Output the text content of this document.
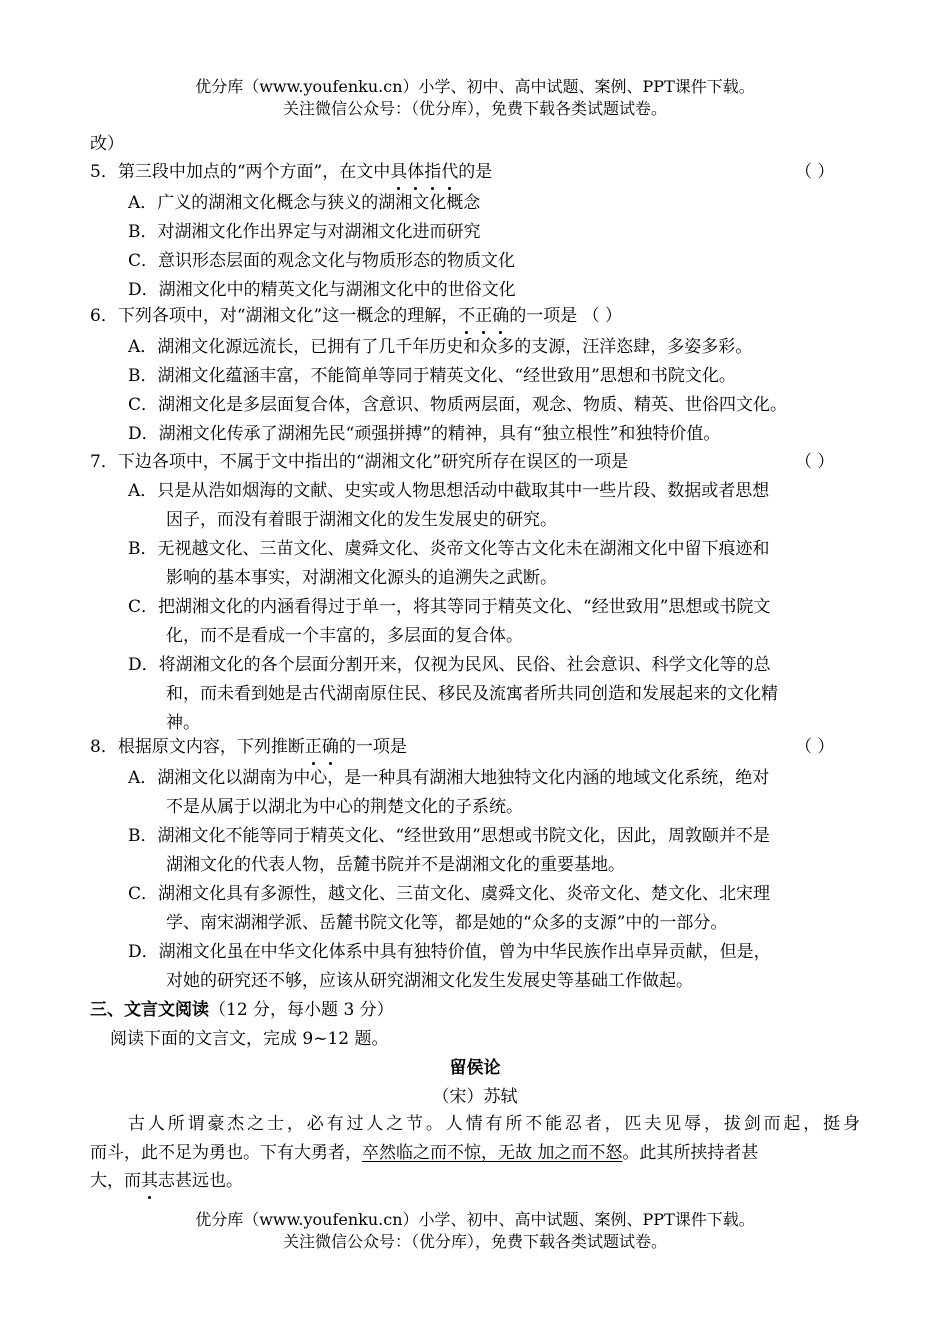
优分库（www.youfenku.cn）小学、初中、高中试题、案例、PPT课件下载。
关注微信公众号：（优分库），免费下载各类试题试卷。
改）
5．第三段中加点的“两个方面”，在文中具体指代的是	（ ）
A．广义的湖湘文化概念与狭义的湖湘文化概念
B．对湖湘文化作出界定与对湖湘文化进而研究
C．意识形态层面的观念文化与物质形态的物质文化
D．湖湘文化中的精英文化与湖湘文化中的世俗文化
6．下列各项中，对“湖湘文化”这一概念的理解，不正确的一项是 （ ）
A．湖湘文化源远流长，已拥有了几千年历史和众多的支源，汪洋恣肆，多姿多彩。
B．湖湘文化蕴涵丰富，不能简单等同于精英文化、“经世致用”思想和书院文化。
C．湖湘文化是多层面复合体，含意识、物质两层面，观念、物质、精英、世俗四文化。
D．湖湘文化传承了湖湘先民“顽强拼搏”的精神，具有“独立根性”和独特价值。
7．下边各项中，不属于文中指出的“湖湘文化”研究所存在误区的一项是	（ ）
A．只是从浩如烟海的文献、史实或人物思想活动中截取其中一些片段、数据或者思想
因子，而没有着眼于湖湘文化的发生发展史的研究。
B．无视越文化、三苗文化、虞舜文化、炎帝文化等古文化未在湖湘文化中留下痕迹和
影响的基本事实，对湖湘文化源头的追溯失之武断。
C．把湖湘文化的内涵看得过于单一，将其等同于精英文化、“经世致用”思想或书院文
化，而不是看成一个丰富的，多层面的复合体。
D．将湖湘文化的各个层面分割开来，仅视为民风、民俗、社会意识、科学文化等的总
和，而未看到她是古代湖南原住民、移民及流寓者所共同创造和发展起来的文化精
神。
8．根据原文内容，下列推断正确的一项是	（ ）
A．湖湘文化以湖南为中心，是一种具有湖湘大地独特文化内涵的地域文化系统，绝对
不是从属于以湖北为中心的荆楚文化的子系统。
B．湖湘文化不能等同于精英文化、“经世致用”思想或书院文化，因此，周敦颐并不是
湖湘文化的代表人物，岳麓书院并不是湖湘文化的重要基地。
C．湖湘文化具有多源性，越文化、三苗文化、虞舜文化、炎帝文化、楚文化、北宋理
学、南宋湖湘学派、岳麓书院文化等，都是她的“众多的支源”中的一部分。
D．湖湘文化虽在中华文化体系中具有独特价值，曾为中华民族作出卓异贡献，但是，
对她的研究还不够，应该从研究湖湘文化发生发展史等基础工作做起。
三、文言文阅读（12 分，每小题 3 分）
阅读下面的文言文，完成 9~12 题。
留侯论
（宋）苏轼
古人所谓豪杰之士，必有过人之节。人情有所不能忍者，匹夫见辱，拔剑而起，挺身
而斗，此不足为勇也。下有大勇者，卒然临之而不惊，无故 加之而不怒。此其所挟持者甚
大，而其志甚远也。
优分库（www.youfenku.cn）小学、初中、高中试题、案例、PPT课件下载。
关注微信公众号：（优分库），免费下载各类试题试卷。
